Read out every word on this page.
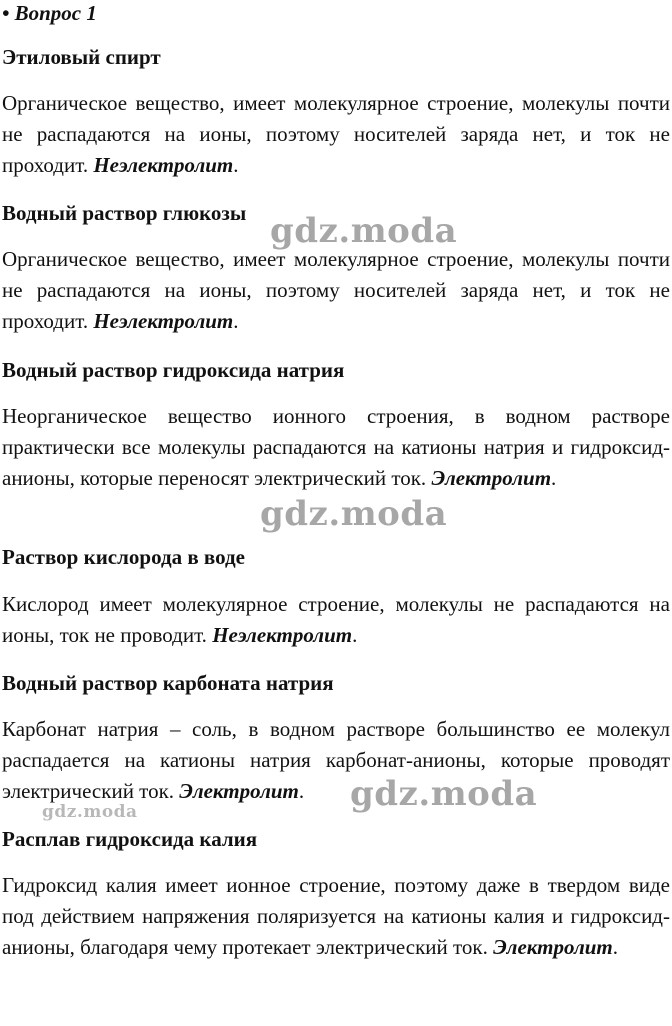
• Вопрос 1
Этиловый спирт
Органическое вещество, имеет молекулярное строение, молекулы почти не распадаются на ионы, поэтому носителей заряда нет, и ток не проходит. Неэлектролит.
Водный раствор глюкозы
Органическое вещество, имеет молекулярное строение, молекулы почти не распадаются на ионы, поэтому носителей заряда нет, и ток не проходит. Неэлектролит.
Водный раствор гидроксида натрия
Неорганическое вещество ионного строения, в водном растворе практически все молекулы распадаются на катионы натрия и гидроксид-анионы, которые переносят электрический ток. Электролит.
Раствор кислорода в воде
Кислород имеет молекулярное строение, молекулы не распадаются на ионы, ток не проводит. Неэлектролит.
Водный раствор карбоната натрия
Карбонат натрия – соль, в водном растворе большинство ее молекул распадается на катионы натрия карбонат-анионы, которые проводят электрический ток. Электролит.
Расплав гидроксида калия
Гидроксид калия имеет ионное строение, поэтому даже в твердом виде под действием напряжения поляризуется на катионы калия и гидроксид-анионы, благодаря чему протекает электрический ток. Электролит.
gdz.moda
gdz.moda
gdz.moda
gdz.moda
